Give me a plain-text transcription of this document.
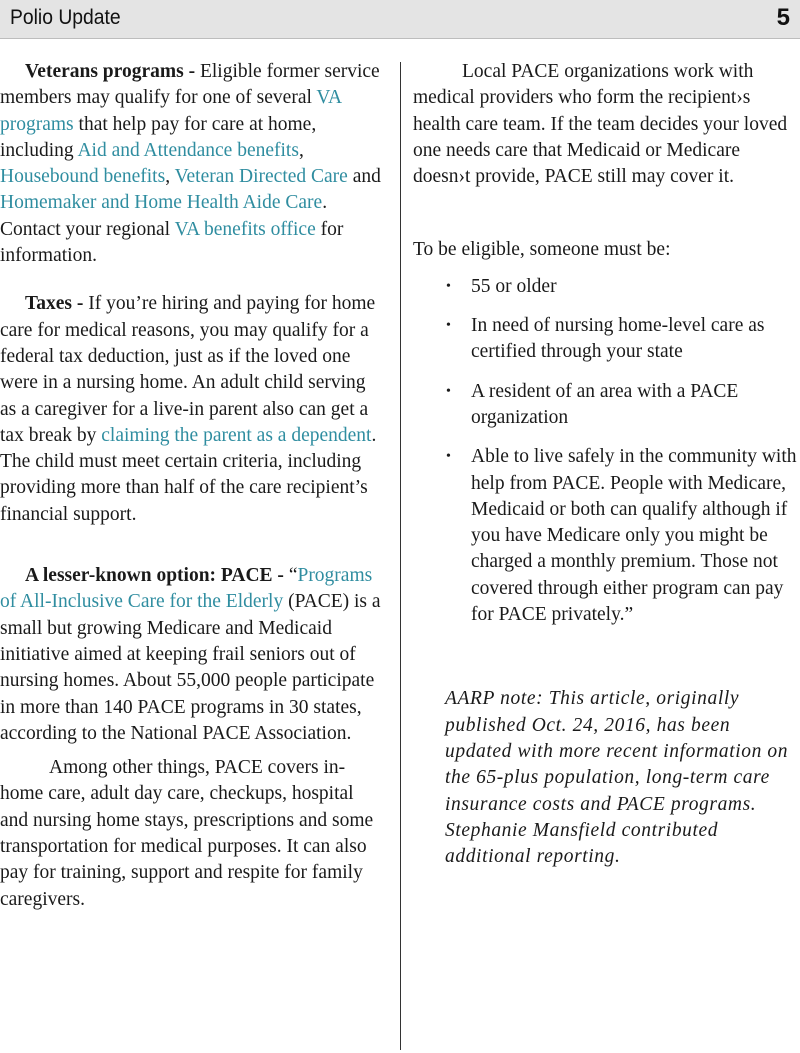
Polio Update	5

Veterans programs - Eligible former service members may qualify for one of several VA programs that help pay for care at home, including Aid and Attendance benefits, Housebound benefits, Veteran Directed Care and Homemaker and Home Health Aide Care. Contact your regional VA benefits office for information.

Taxes - If you’re hiring and paying for home care for medical reasons, you may qualify for a federal tax deduction, just as if the loved one were in a nursing home. An adult child serving as a caregiver for a live-in parent also can get a tax break by claiming the parent as a dependent. The child must meet certain criteria, including providing more than half of the care recipient’s financial support.

A lesser-known option: PACE - “Programs of All-Inclusive Care for the Elderly (PACE) is a small but growing Medicare and Medicaid initiative aimed at keeping frail seniors out of nursing homes. About 55,000 people participate in more than 140 PACE programs in 30 states, according to the National PACE Association.

Among other things, PACE covers in-home care, adult day care, checkups, hospital and nursing home stays, prescriptions and some transportation for medical purposes. It can also pay for training, support and respite for family caregivers.

Local PACE organizations work with medical providers who form the recipient›s health care team. If the team decides your loved one needs care that Medicaid or Medicare doesn›t provide, PACE still may cover it.

To be eligible, someone must be:

• 55 or older
• In need of nursing home-level care as certified through your state
• A resident of an area with a PACE organization
• Able to live safely in the community with help from PACE. People with Medicare, Medicaid or both can qualify although if you have Medicare only you might be charged a monthly premium. Those not covered through either program can pay for PACE privately.”

AARP note: This article, originally published Oct. 24, 2016, has been updated with more recent information on the 65-plus population, long-term care insurance costs and PACE programs. Stephanie Mansfield contributed additional reporting.
